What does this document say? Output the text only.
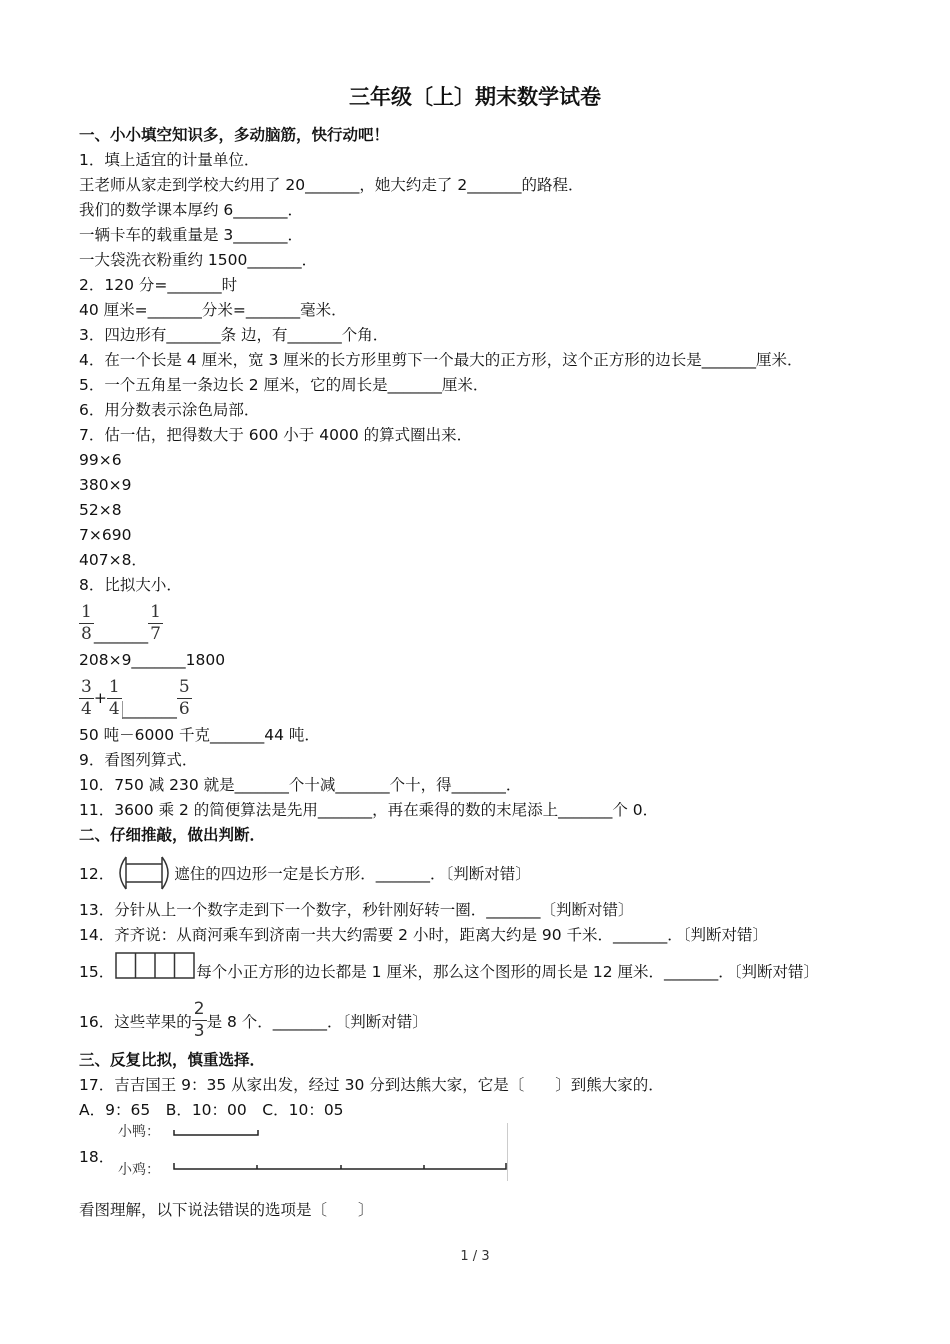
三年级〔上〕期末数学试卷
一、小小填空知识多，多动脑筋，快行动吧！
1．填上适宜的计量单位．
王老师从家走到学校大约用了 20_______，她大约走了 2_______的路程．
我们的数学课本厚约 6_______．
一辆卡车的载重量是 3_______．
一大袋洗衣粉重约 1500_______．
2．120 分=_______时
40 厘米=_______分米=_______毫米．
3．四边形有_______条 边，有_______个角．
4．在一个长是 4 厘米，宽 3 厘米的长方形里剪下一个最大的正方形，这个正方形的边长是_______厘米．
5．一个五角星一条边长 2 厘米，它的周长是_______厘米．
6．用分数表示涂色局部．
7．估一估，把得数大于 600 小于 4000 的算式圈出来．
99×6
380×9
52×8
7×690
407×8．
8．比拟大小．
$\frac{1}{8}$ _______ $\frac{1}{7}$
208×9_______1800
$\frac{3}{4} + \frac{1}{4}$ _______ $\frac{5}{6}$
50 吨－6000 千克_______44 吨．
9．看图列算式．
10．750 减 230 就是_______个十减_______个十，得_______．
11．3600 乘 2 的简便算法是先用_______，再在乘得的数的末尾添上_______个 0．
二、仔细推敲，做出判断．
12．	遮住的四边形一定是长方形．_______．〔判断对错〕
13．分针从上一个数字走到下一个数字，秒针刚好转一圈．_______〔判断对错〕
14．齐齐说：从商河乘车到济南一共大约需要 2 小时，距离大约是 90 千米．_______．〔判断对错〕
15．	每个小正方形的边长都是 1 厘米，那么这个图形的周长是 12 厘米．_______．〔判断对错〕
16．这些苹果的 $\frac{2}{3}$ 是 8 个．_______．〔判断对错〕
三、反复比拟，慎重选择．
17．吉吉国王 9：35 从家出发，经过 30 分到达熊大家，它是〔　　〕到熊大家的．
A．9：65　B．10：00　C．10：05
18．

小鸭：

小鸡：

看图理解，以下说法错误的选项是〔　　〕
1 / 3
